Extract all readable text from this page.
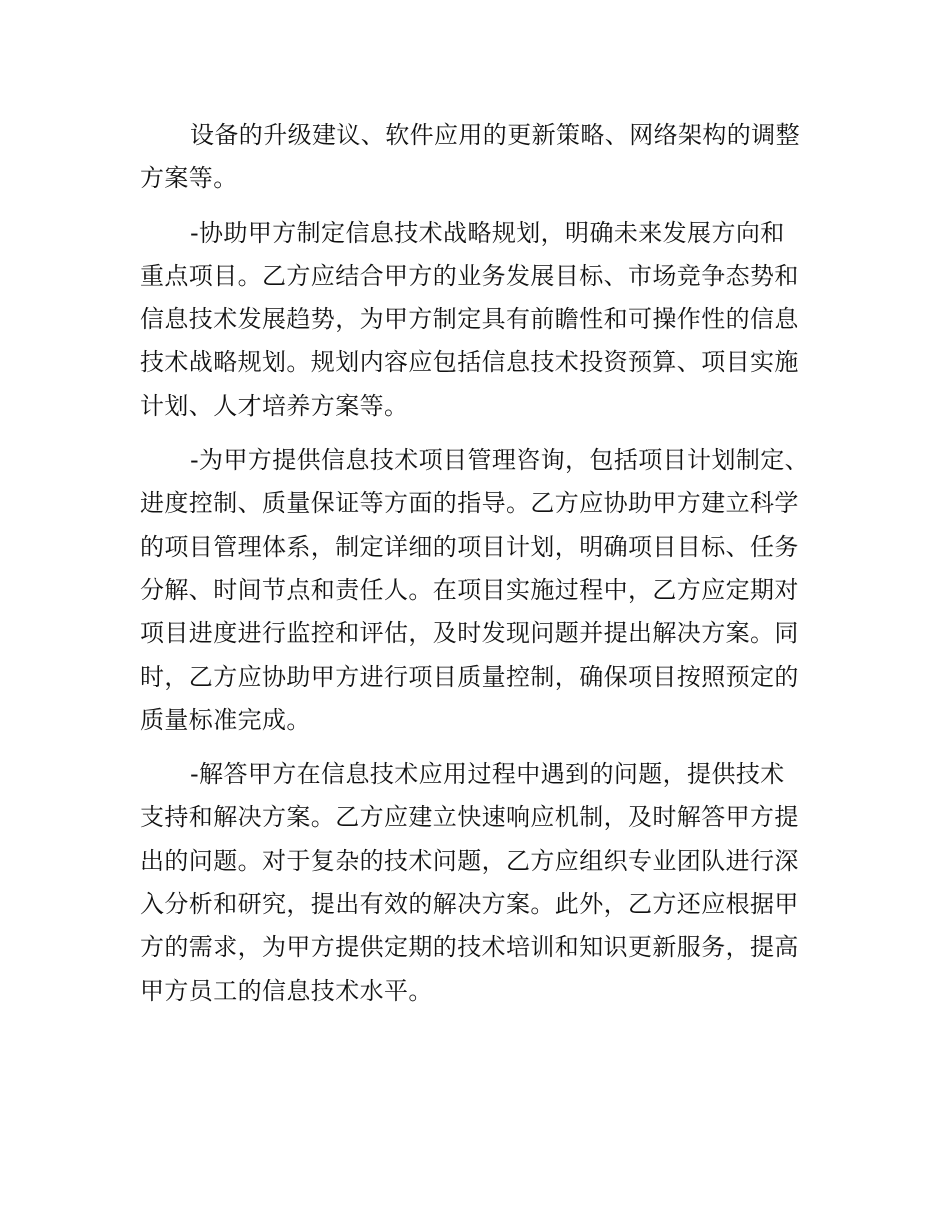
设备的升级建议、软件应用的更新策略、网络架构的调整
方案等。
-协助甲方制定信息技术战略规划，明确未来发展方向和
重点项目。乙方应结合甲方的业务发展目标、市场竞争态势和
信息技术发展趋势，为甲方制定具有前瞻性和可操作性的信息
技术战略规划。规划内容应包括信息技术投资预算、项目实施
计划、人才培养方案等。
-为甲方提供信息技术项目管理咨询，包括项目计划制定、
进度控制、质量保证等方面的指导。乙方应协助甲方建立科学
的项目管理体系，制定详细的项目计划，明确项目目标、任务
分解、时间节点和责任人。在项目实施过程中，乙方应定期对
项目进度进行监控和评估，及时发现问题并提出解决方案。同
时，乙方应协助甲方进行项目质量控制，确保项目按照预定的
质量标准完成。
-解答甲方在信息技术应用过程中遇到的问题，提供技术
支持和解决方案。乙方应建立快速响应机制，及时解答甲方提
出的问题。对于复杂的技术问题，乙方应组织专业团队进行深
入分析和研究，提出有效的解决方案。此外，乙方还应根据甲
方的需求，为甲方提供定期的技术培训和知识更新服务，提高
甲方员工的信息技术水平。
